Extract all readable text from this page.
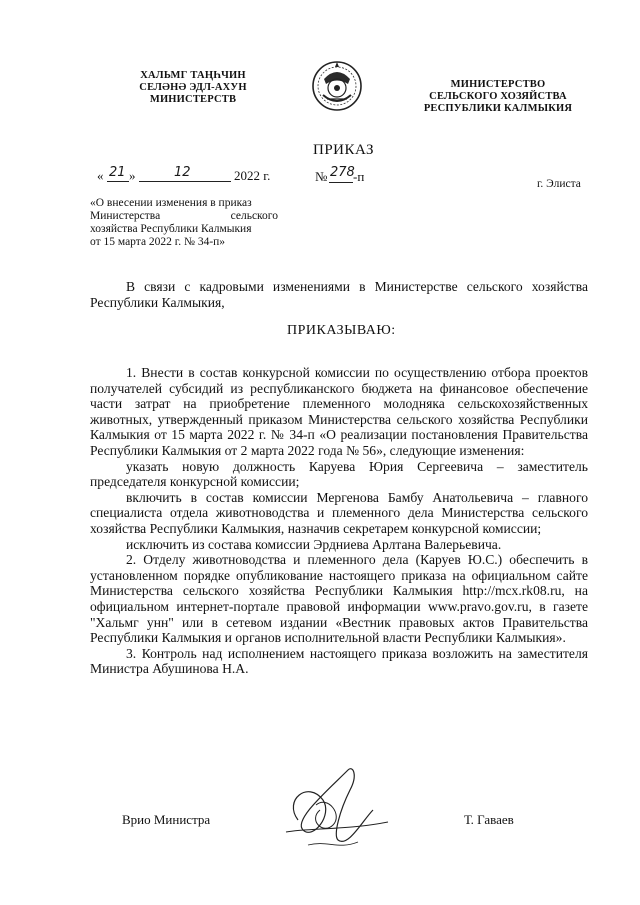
ХАЛЬМГ ТАҢҺЧИН
СЕЛӘНӘ ЭДЛ-АХУН
МИНИСТЕРСТВ
МИНИСТЕРСТВО
СЕЛЬСКОГО ХОЗЯЙСТВА
РЕСПУБЛИКИ КАЛМЫКИЯ
ПРИКАЗ
« 21 »	12	2022 г.	№ 278
-п	г. Элиста
«О внесении изменения в приказ
Министерства сельского
хозяйства Республики Калмыкия
от 15 марта 2022 г. № 34-п»

В связи с кадровыми изменениями в Министерстве сельского хозяйства Республики Калмыкия,

ПРИКАЗЫВАЮ:

1. Внести в состав конкурсной комиссии по осуществлению отбора проектов получателей субсидий из республиканского бюджета на финансовое обеспечение части затрат на приобретение племенного молодняка сельскохозяйственных животных, утвержденный приказом Министерства сельского хозяйства Республики Калмыкия от 15 марта 2022 г. № 34-п «О реализации постановления Правительства Республики Калмыкия от 2 марта 2022 года № 56», следующие изменения:

указать новую должность Каруева Юрия Сергеевича – заместитель председателя конкурсной комиссии;

включить в состав комиссии Мергенова Бамбу Анатольевича – главного специалиста отдела животноводства и племенного дела Министерства сельского хозяйства Республики Калмыкия, назначив секретарем конкурсной комиссии;

исключить из состава комиссии Эрдниева Арлтана Валерьевича.

2. Отделу животноводства и племенного дела (Каруев Ю.С.) обеспечить в установленном порядке опубликование настоящего приказа на официальном сайте Министерства сельского хозяйства Республики Калмыкия http://mcx.rk08.ru, на официальном интернет-портале правовой информации www.pravo.gov.ru, в газете "Хальмг унн" или в сетевом издании «Вестник правовых актов Правительства Республики Калмыкия и органов исполнительной власти Республики Калмыкия».

3. Контроль над исполнением настоящего приказа возложить на заместителя Министра Абушинова Н.А.

Врио Министра	Т. Гаваев
